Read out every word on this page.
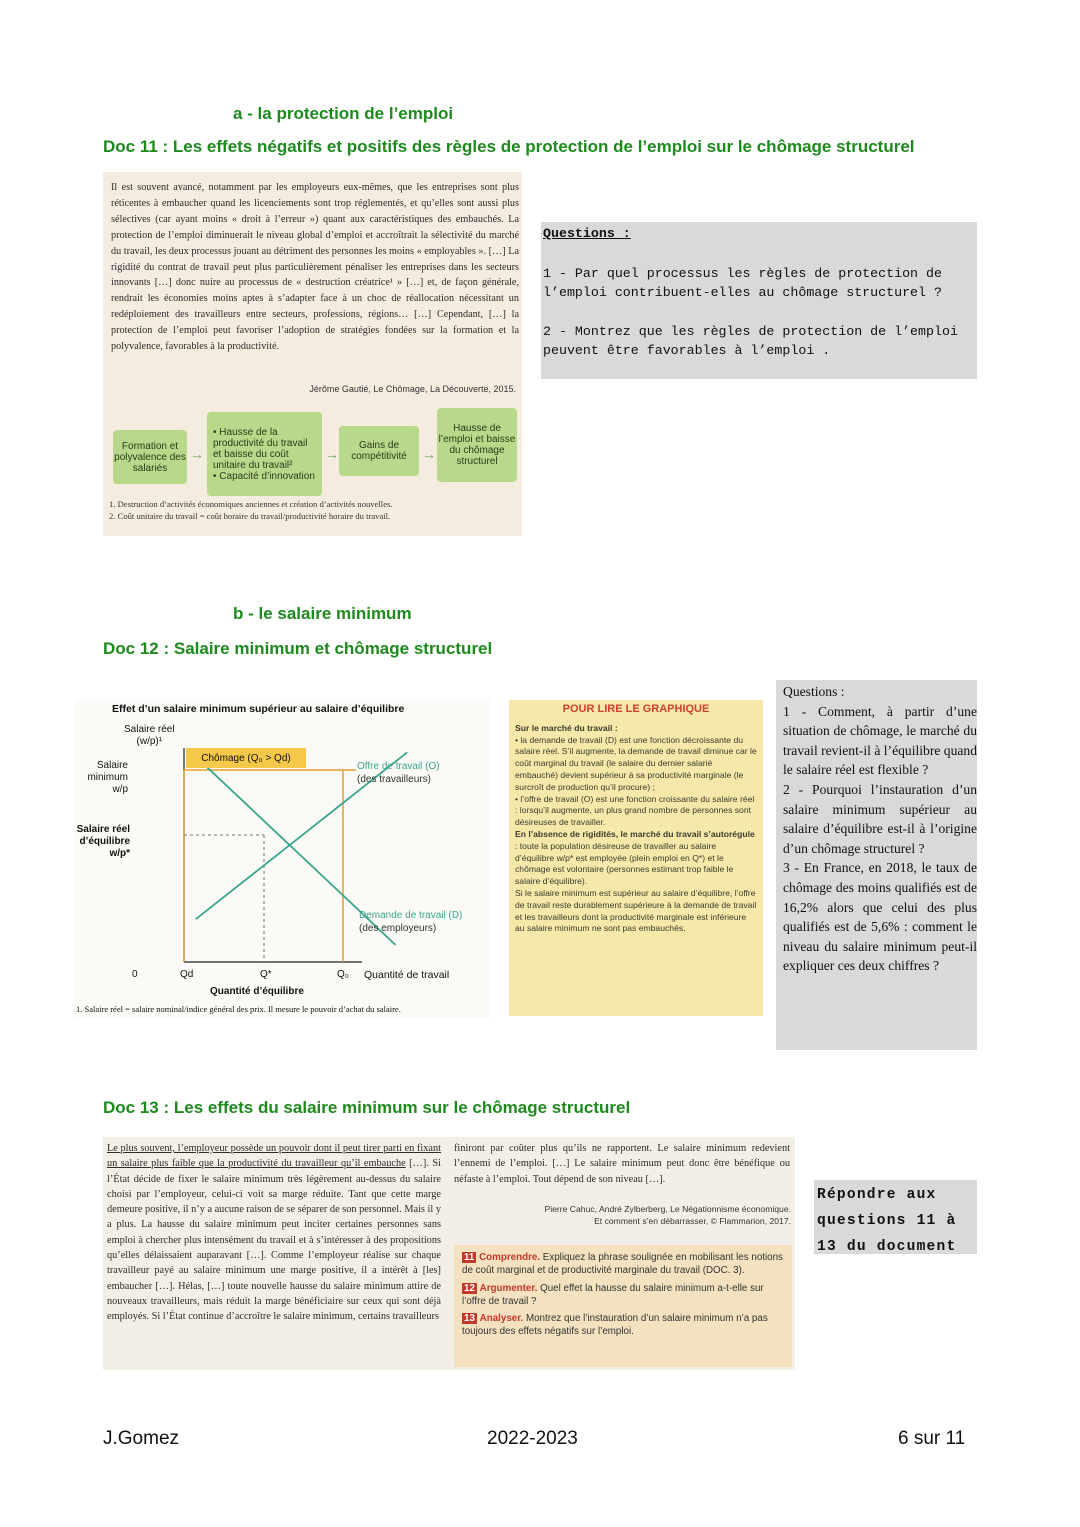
a - la protection de l’emploi
Doc 11 : Les effets négatifs et positifs des règles de protection de l’emploi sur le chômage structurel
Il est souvent avancé, notamment par les employeurs eux-mêmes, que les entreprises sont plus réticentes à embaucher quand les licenciements sont trop réglementés, et qu’elles sont aussi plus sélectives (car ayant moins « droit à l’erreur ») quant aux caractéristiques des embauchés. La protection de l’emploi diminuerait le niveau global d’emploi et accroîtrait la sélectivité du marché du travail, les deux processus jouant au détriment des personnes les moins « employables ». […] La rigidité du contrat de travail peut plus particulièrement pénaliser les entreprises dans les secteurs innovants […] donc nuire au processus de « destruction créatrice¹ » […] et, de façon générale, rendrait les économies moins aptes à s’adapter face à un choc de réallocation nécessitant un redéploiement des travailleurs entre secteurs, professions, régions… […] Cependant, […] la protection de l’emploi peut favoriser l’adoption de stratégies fondées sur la formation et la polyvalence, favorables à la productivité.
Jérôme Gautié, Le Chômage, La Découverte, 2015.
Formation et polyvalence des salariés
→
• Hausse de la productivité du travail et baisse du coût unitaire du travail²
• Capacité d’innovation
→
Gains de compétitivité	→
Hausse de l’emploi et baisse du chômage structurel
1. Destruction d’activités économiques anciennes et création d’activités nouvelles.
2. Coût unitaire du travail = coût horaire du travail/productivité horaire du travail.

Questions :

1 - Par quel processus les règles de protection de l’emploi contribuent-elles au chômage structurel ?

2 - Montrez que les règles de protection de l’emploi peuvent être favorables à l’emploi .

b - le salaire minimum
Doc 12 : Salaire minimum et chômage structurel
Effet d’un salaire minimum supérieur au salaire d’équilibre
Salaire réel
(w/p)¹
Salaire
minimum
w/p
Salaire réel
d’équilibre
w/p*
Chômage (Q₀ > Qd)
Offre de travail (O)
(des travailleurs)
Demande de travail (D)
(des employeurs)
0	Qd	Q*	Q₀ Quantité de travail
Quantité d’équilibre
1. Salaire réel = salaire nominal/indice général des prix. Il mesure le pouvoir d’achat du salaire.
POUR LIRE LE GRAPHIQUE
Sur le marché du travail :
• la demande de travail (D) est une fonction décroissante du salaire réel. S’il augmente, la demande de travail diminue car le coût marginal du travail (le salaire du dernier salarié embauché) devient supérieur à sa productivité marginale (le surcroît de production qu’il procure) ;
• l’offre de travail (O) est une fonction croissante du salaire réel : lorsqu’il augmente, un plus grand nombre de personnes sont désireuses de travailler.
En l’absence de rigidités, le marché du travail s’autorégule : toute la population désireuse de travailler au salaire d’équilibre w/p* est employée (plein emploi en Q*) et le chômage est volontaire (personnes estimant trop faible le salaire d’équilibre).
Si le salaire minimum est supérieur au salaire d’équilibre, l’offre de travail reste durablement supérieure à la demande de travail et les travailleurs dont la productivité marginale est inférieure au salaire minimum ne sont pas embauchés.
Questions :
1 - Comment, à partir d’une situation de chômage, le marché du travail revient-il à l’équilibre quand le salaire réel est flexible ?
2 - Pourquoi l’instauration d’un salaire minimum supérieur au salaire d’équilibre est-il à l’origine d’un chômage structurel ?
3 - En France, en 2018, le taux de chômage des moins qualifiés est de 16,2% alors que celui des plus qualifiés est de 5,6% : comment le niveau du salaire minimum peut-il expliquer ces deux chiffres ?
Doc 13 : Les effets du salaire minimum sur le chômage structurel
Le plus souvent, l’employeur possède un pouvoir dont il peut tirer parti en fixant un salaire plus faible que la productivité du travailleur qu’il embauche […]. Si l’État décide de fixer le salaire minimum très légèrement au-dessus du salaire choisi par l’employeur, celui-ci voit sa marge réduite. Tant que cette marge demeure positive, il n’y a aucune raison de se séparer de son personnel. Mais il y a plus. La hausse du salaire minimum peut inciter certaines personnes sans emploi à chercher plus intensément du travail et à s’intéresser à des propositions qu’elles délaissaient auparavant […]. Comme l’employeur réalise sur chaque travailleur payé au salaire minimum une marge positive, il a intérêt à [les] embaucher […]. Hélas, […] toute nouvelle hausse du salaire minimum attire de nouveaux travailleurs, mais réduit la marge bénéficiaire sur ceux qui sont déjà employés. Si l’État continue d’accroître le salaire minimum, certains travailleurs
finiront par coûter plus qu’ils ne rapportent. Le salaire minimum redevient l’ennemi de l’emploi. […] Le salaire minimum peut donc être bénéfique ou néfaste à l’emploi. Tout dépend de son niveau […].
Pierre Cahuc, André Zylberberg, Le Négationnisme économique.
Et comment s’en débarrasser, © Flammarion, 2017.
11 Comprendre. Expliquez la phrase soulignée en mobilisant les notions de coût marginal et de productivité marginale du travail (DOC. 3).
12 Argumenter. Quel effet la hausse du salaire minimum a-t-elle sur l’offre de travail ?
13 Analyser. Montrez que l’instauration d’un salaire minimum n’a pas toujours des effets négatifs sur l’emploi.
Répondre aux questions 11 à 13 du document
J.Gomez	2022-2023	6 sur 11
